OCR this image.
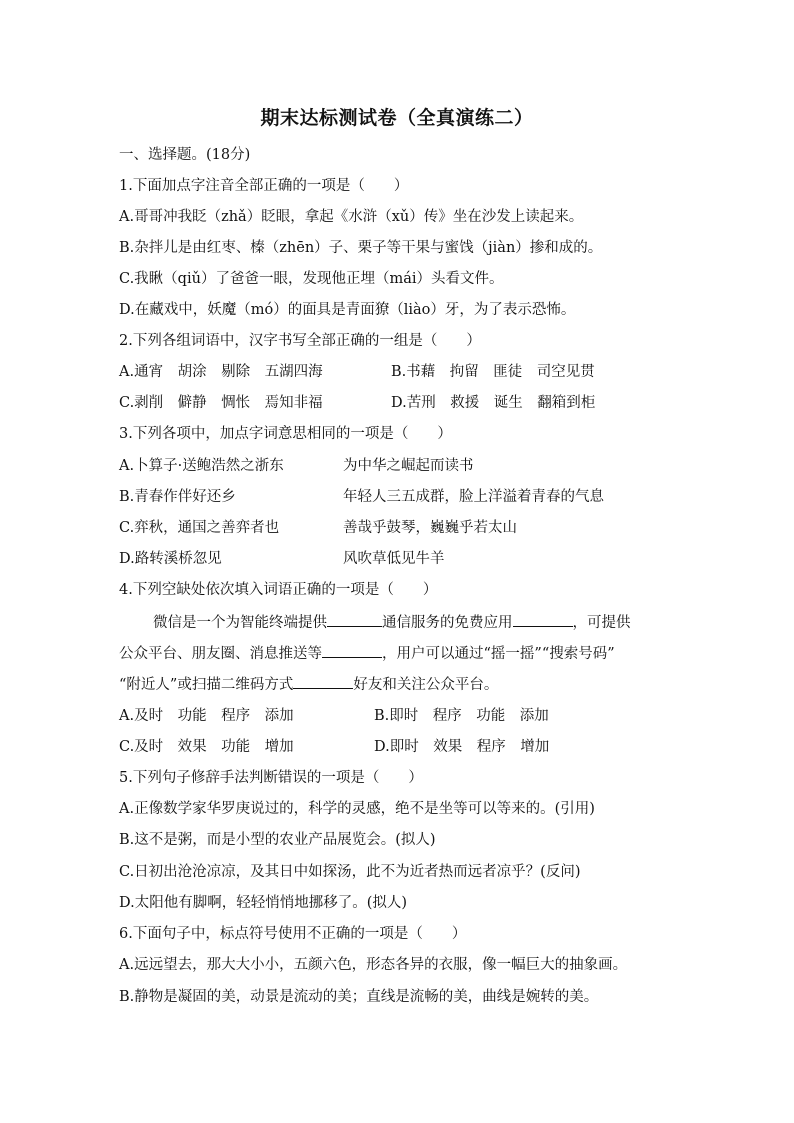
期末达标测试卷（全真演练二）
一、选择题。(18分)
1.下面加点字注音全部正确的一项是（　　）
A.哥哥冲我眨（zhǎ）眨眼，拿起《水浒（xǔ）传》坐在沙发上读起来。
B.杂拌儿是由红枣、榛（zhēn）子、栗子等干果与蜜饯（jiàn）掺和成的。
C.我瞅（qiǔ）了爸爸一眼，发现他正埋（mái）头看文件。
D.在藏戏中，妖魔（mó）的面具是青面獠（liào）牙，为了表示恐怖。
2.下列各组词语中，汉字书写全部正确的一组是（　　）
A.通宵　胡涂　剔除　五湖四海	B.书藉　拘留　匪徒　司空见贯
C.剥削　僻静　惆怅　焉知非福	D.苦刑　救援　诞生　翻箱到柜
3.下列各项中，加点字词意思相同的一项是（　　）
A.卜算子·送鲍浩然之浙东	为中华之崛起而读书
B.青春作伴好还乡	年轻人三五成群，脸上洋溢着青春的气息
C.弈秋，通国之善弈者也	善哉乎鼓琴，巍巍乎若太山
D.路转溪桥忽见	风吹草低见牛羊
4.下列空缺处依次填入词语正确的一项是（　　）
微信是一个为智能终端提供	通信服务的免费应用	，可提供
公众平台、朋友圈、消息推送等	，用户可以通过“摇一摇”“搜索号码”
“附近人”或扫描二维码方式	好友和关注公众平台。
A.及时　功能　程序　添加	B.即时　程序　功能　添加
C.及时　效果　功能　增加	D.即时　效果　程序　增加
5.下列句子修辞手法判断错误的一项是（　　）
A.正像数学家华罗庚说过的，科学的灵感，绝不是坐等可以等来的。(引用)
B.这不是粥，而是小型的农业产品展览会。(拟人)
C.日初出沧沧凉凉，及其日中如探汤，此不为近者热而远者凉乎？(反问)
D.太阳他有脚啊，轻轻悄悄地挪移了。(拟人)
6.下面句子中，标点符号使用不正确的一项是（　　）
A.远远望去，那大大小小，五颜六色，形态各异的衣服，像一幅巨大的抽象画。
B.静物是凝固的美，动景是流动的美；直线是流畅的美，曲线是婉转的美。
